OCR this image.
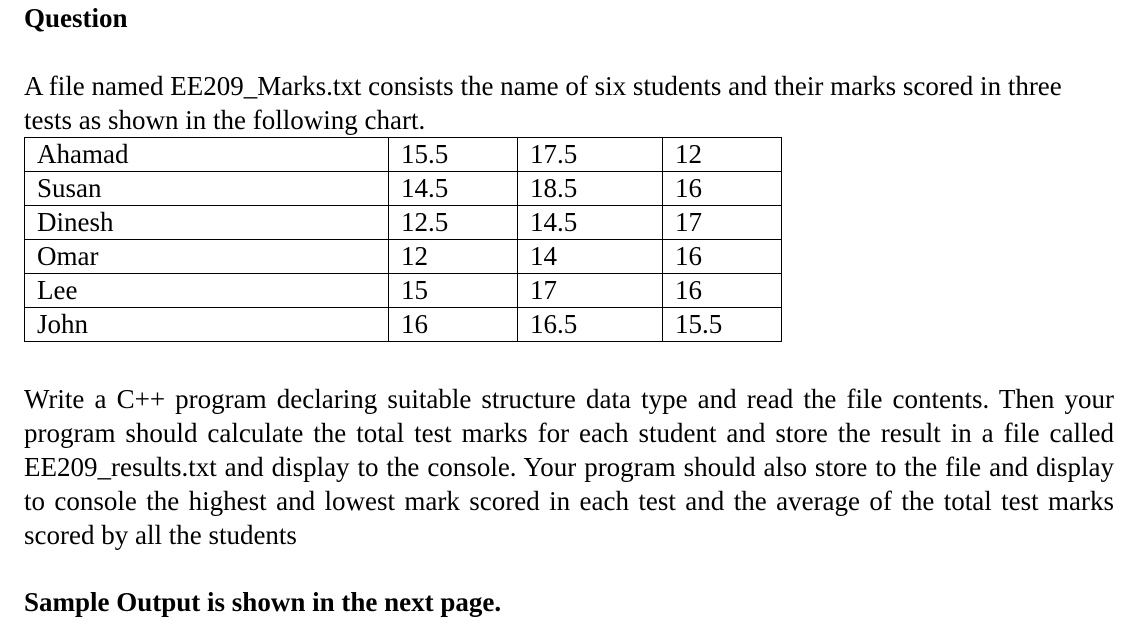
Question

A file named EE209_Marks.txt consists the name of six students and their marks scored in three tests as shown in the following chart.

Ahamad	15.5	17.5	12
Susan	14.5	18.5	16
Dinesh	12.5	14.5	17
Omar	12	14	16
Lee	15	17	16
John	16	16.5	15.5

Write a C++ program declaring suitable structure data type and read the file contents. Then your program should calculate the total test marks for each student and store the result in a file called EE209_results.txt and display to the console. Your program should also store to the file and display to console the highest and lowest mark scored in each test and the average of the total test marks scored by all the students

Sample Output is shown in the next page.
